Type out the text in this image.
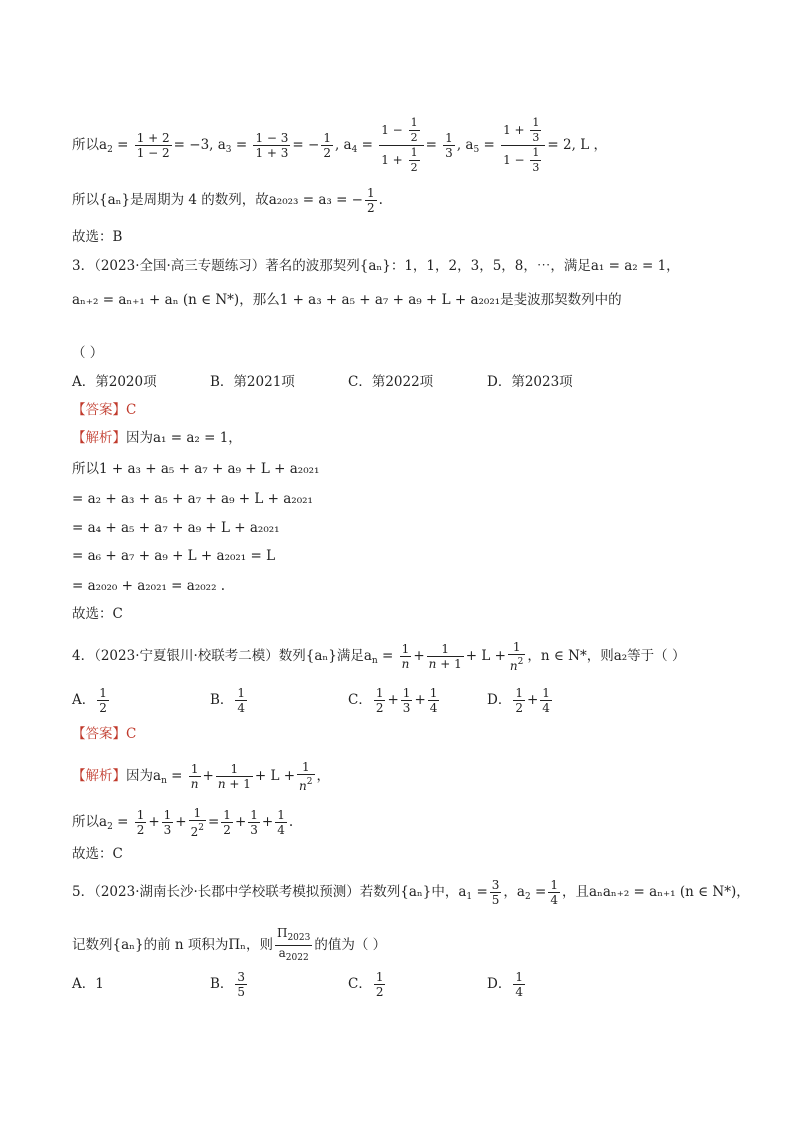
所以$a_2 = \frac{1 + 2}{1 - 2} = -3$, $a_3 = \frac{1 - 3}{1 + 3}$ = − $\frac{1}{2}$ , $a_4 = \frac{1 - \frac{1}{2}}{1 + \frac{1}{2}} = \frac{1}{3}$ , $a_5 = \frac{1 + \frac{1}{3}}{1 - \frac{1}{3}} = 2$, L ，
所以{aₙ}是周期为 4 的数列，故a₂₀₂₃ = a₃ = − $\frac{1}{2}$ .
故选：B
3．（2023·全国·高三专题练习）著名的波那契列{aₙ}：1，1，2，3，5，8，⋯，满足a₁ = a₂ = 1，
aₙ₊₂ = aₙ₊₁ + aₙ (n ∈ N*)，那么1 + a₃ + a₅ + a₇ + a₉ + L + a₂₀₂₁是斐波那契数列中的
（ ）
A．第2020项	B．第2021项	C．第2022项	D．第2023项
【答案】C
【解析】因为a₁ = a₂ = 1，
所以1 + a₃ + a₅ + a₇ + a₉ + L + a₂₀₂₁
= a₂ + a₃ + a₅ + a₇ + a₉ + L + a₂₀₂₁
= a₄ + a₅ + a₇ + a₉ + L + a₂₀₂₁
= a₆ + a₇ + a₉ + L + a₂₀₂₁ = L
= a₂₀₂₀ + a₂₀₂₁ = a₂₀₂₂ .
故选：C
4．（2023·宁夏银川·校联考二模）数列{aₙ}满足$a_n = \frac{1}{n} + \frac{1}{n + 1} + L + \frac{1}{n^2}$ ，n ∈ N*，则a₂等于（ ）
A． $\frac{1}{2}$	B． $\frac{1}{4}$	C． $\frac{1}{2} + \frac{1}{3} + \frac{1}{4}$	D． $\frac{1}{2} + \frac{1}{4}$
【答案】C
【解析】因为$a_n = \frac{1}{n} + \frac{1}{n + 1} + L + \frac{1}{n^2}$ ，
所以$a_2 = \frac{1}{2} + \frac{1}{3} + \frac{1}{2^2} = \frac{1}{2} + \frac{1}{3} + \frac{1}{4}$ .
故选：C
5．（2023·湖南长沙·长郡中学校联考模拟预测）若数列{aₙ}中，$a_1 = \frac{3}{5}$ ，$a_2 = \frac{1}{4}$ ，且aₙaₙ₊₂ = aₙ₊₁ (n ∈ N*)，
记数列{aₙ}的前 n 项积为Πₙ，则 $\frac{\Pi_{2023}}{a_{2022}}$ 的值为（ ）
A．1	B． $\frac{3}{5}$	C． $\frac{1}{2}$	D． $\frac{1}{4}$
